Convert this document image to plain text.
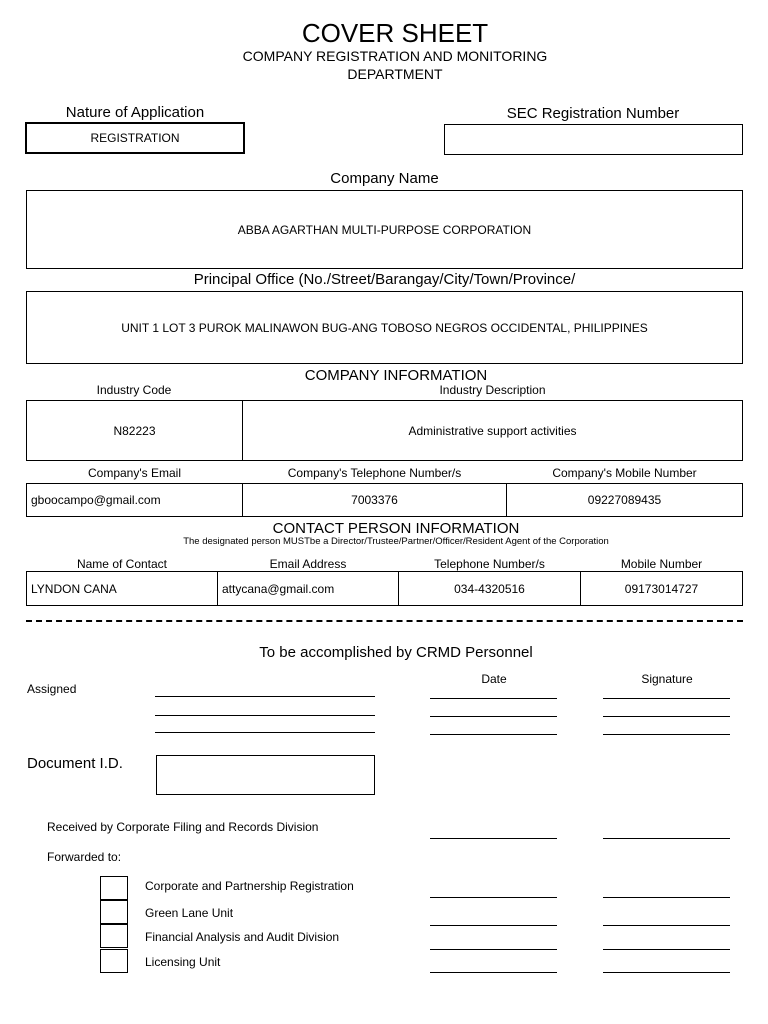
COVER SHEET
COMPANY REGISTRATION AND MONITORING
DEPARTMENT
Nature of Application
REGISTRATION
SEC Registration Number
Company Name
ABBA AGARTHAN MULTI-PURPOSE CORPORATION
Principal Office (No./Street/Barangay/City/Town/Province/
UNIT 1 LOT 3 PUROK MALINAWON BUG-ANG TOBOSO NEGROS OCCIDENTAL, PHILIPPINES
COMPANY INFORMATION
Industry Code	Industry Description
N82223	Administrative support activities
Company's Email	Company's Telephone Number/s	Company's Mobile Number
gboocampo@gmail.com	7003376	09227089435
CONTACT PERSON INFORMATION
The designated person MUSTbe a Director/Trustee/Partner/Officer/Resident Agent of the Corporation
Name of Contact	Email Address	Telephone Number/s	Mobile Number
LYNDON CANA	attycana@gmail.com	034-4320516	09173014727
To be accomplished by CRMD Personnel
Date	Signature
Assigned
Document I.D.
Received by Corporate Filing and Records Division
Forwarded to:
Corporate and Partnership Registration
Green Lane Unit
Financial Analysis and Audit Division
Licensing Unit
